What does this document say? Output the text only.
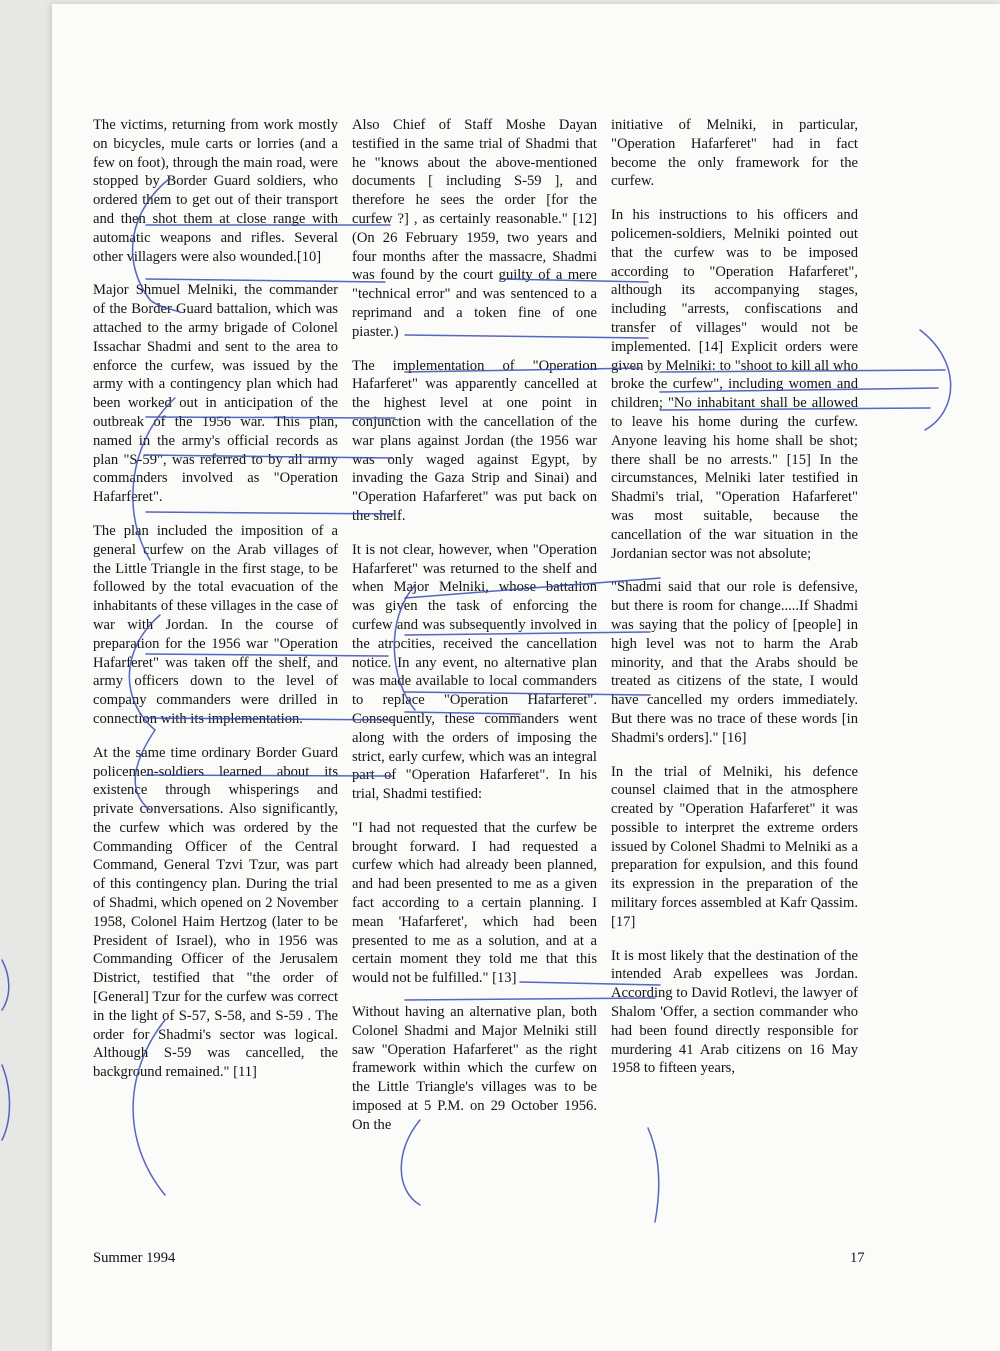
The victims, returning from work mostly on bicycles, mule carts or lorries (and a few on foot), through the main road, were stopped by Border Guard soldiers, who ordered them to get out of their transport and then shot them at close range with automatic weapons and rifles. Several other villagers were also wounded.[10]

Major Shmuel Melniki, the commander of the Border Guard battalion, which was attached to the army brigade of Colonel Issachar Shadmi and sent to the area to enforce the curfew, was issued by the army with a contingency plan which had been worked out in anticipation of the outbreak of the 1956 war. This plan, named in the army's official records as plan "S-59", was referred to by all army commanders involved as "Operation Hafarferet".

The plan included the imposition of a general curfew on the Arab villages of the Little Triangle in the first stage, to be followed by the total evacuation of the inhabitants of these villages in the case of war with Jordan. In the course of preparation for the 1956 war "Operation Hafarferet" was taken off the shelf, and army officers down to the level of company commanders were drilled in connection with its implementation.

At the same time ordinary Border Guard policemen-soldiers learned about its existence through whisperings and private conversations. Also significantly, the curfew which was ordered by the Commanding Officer of the Central Command, General Tzvi Tzur, was part of this contingency plan. During the trial of Shadmi, which opened on 2 November 1958, Colonel Haim Hertzog (later to be President of Israel), who in 1956 was Commanding Officer of the Jerusalem District, testified that "the order of [General] Tzur for the curfew was correct in the light of S-57, S-58, and S-59 . The order for Shadmi's sector was logical. Although S-59 was cancelled, the background remained." [11]

Also Chief of Staff Moshe Dayan testified in the same trial of Shadmi that he "knows about the above-mentioned documents [ including S-59 ], and therefore he sees the order [for the curfew ?] , as certainly reasonable." [12] (On 26 February 1959, two years and four months after the massacre, Shadmi was found by the court guilty of a mere "technical error" and was sentenced to a reprimand and a token fine of one piaster.)

The implementation of "Operation Hafarferet" was apparently cancelled at the highest level at one point in conjunction with the cancellation of the war plans against Jordan (the 1956 war was only waged against Egypt, by invading the Gaza Strip and Sinai) and "Operation Hafarferet" was put back on the shelf.

It is not clear, however, when "Operation Hafarferet" was returned to the shelf and when Major Melniki, whose battalion was given the task of enforcing the curfew and was subsequently involved in the atrocities, received the cancellation notice. In any event, no alternative plan was made available to local commanders to replace "Operation Hafarferet". Consequently, these commanders went along with the orders of imposing the strict, early curfew, which was an integral part of "Operation Hafarferet". In his trial, Shadmi testified:

"I had not requested that the curfew be brought forward. I had requested a curfew which had already been planned, and had been presented to me as a given fact according to a certain planning. I mean 'Hafarferet', which had been presented to me as a solution, and at a certain moment they told me that this would not be fulfilled." [13]

Without having an alternative plan, both Colonel Shadmi and Major Melniki still saw "Operation Hafarferet" as the right framework within which the curfew on the Little Triangle's villages was to be imposed at 5 P.M. on 29 October 1956. On the

initiative of Melniki, in particular, "Operation Hafarferet" had in fact become the only framework for the curfew.

In his instructions to his officers and policemen-soldiers, Melniki pointed out that the curfew was to be imposed according to "Operation Hafarferet", although its accompanying stages, including "arrests, confiscations and transfer of villages" would not be implemented. [14] Explicit orders were given by Melniki: to "shoot to kill all who broke the curfew", including women and children; "No inhabitant shall be allowed to leave his home during the curfew. Anyone leaving his home shall be shot; there shall be no arrests." [15] In the circumstances, Melniki later testified in Shadmi's trial, "Operation Hafarferet" was most suitable, because the cancellation of the war situation in the Jordanian sector was not absolute;

"Shadmi said that our role is defensive, but there is room for change.....If Shadmi was saying that the policy of [people] in high level was not to harm the Arab minority, and that the Arabs should be treated as citizens of the state, I would have cancelled my orders immediately. But there was no trace of these words [in Shadmi's orders]." [16]

In the trial of Melniki, his defence counsel claimed that in the atmosphere created by "Operation Hafarferet" it was possible to interpret the extreme orders issued by Colonel Shadmi to Melniki as a preparation for expulsion, and this found its expression in the preparation of the military forces assembled at Kafr Qassim. [17]

It is most likely that the destination of the intended Arab expellees was Jordan. According to David Rotlevi, the lawyer of Shalom 'Offer, a section commander who had been found directly responsible for murdering 41 Arab citizens on 16 May 1958 to fifteen years,

Summer 1994	17
